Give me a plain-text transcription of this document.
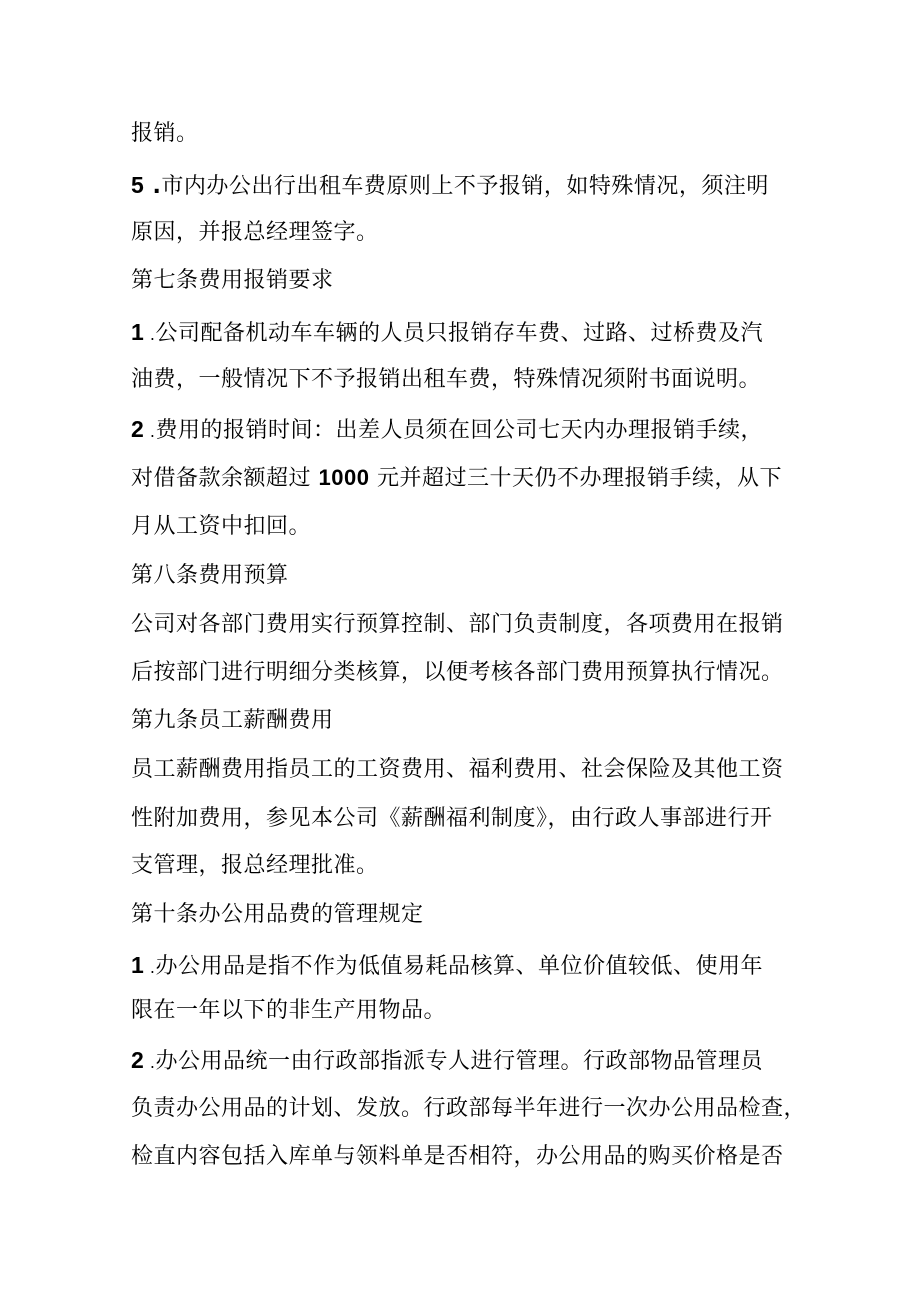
报销。
5 .市内办公出行出租车费原则上不予报销，如特殊情况，须注明
原因，并报总经理签字。
第七条费用报销要求
1 .公司配备机动车车辆的人员只报销存车费、过路、过桥费及汽
油费，一般情况下不予报销出租车费，特殊情况须附书面说明。
2 .费用的报销时间：出差人员须在回公司七天内办理报销手续，
对借备款余额超过 1000 元并超过三十天仍不办理报销手续，从下
月从工资中扣回。
第八条费用预算
公司对各部门费用实行预算控制、部门负责制度，各项费用在报销
后按部门进行明细分类核算，以便考核各部门费用预算执行情况。
第九条员工薪酬费用
员工薪酬费用指员工的工资费用、福利费用、社会保险及其他工资
性附加费用，参见本公司《薪酬福利制度》，由行政人事部进行开
支管理，报总经理批准。
第十条办公用品费的管理规定
1 .办公用品是指不作为低值易耗品核算、单位价值较低、使用年
限在一年以下的非生产用物品。
2 .办公用品统一由行政部指派专人进行管理。行政部物品管理员
负责办公用品的计划、发放。行政部每半年进行一次办公用品检查，
检直内容包括入库单与领料单是否相符，办公用品的购买价格是否
